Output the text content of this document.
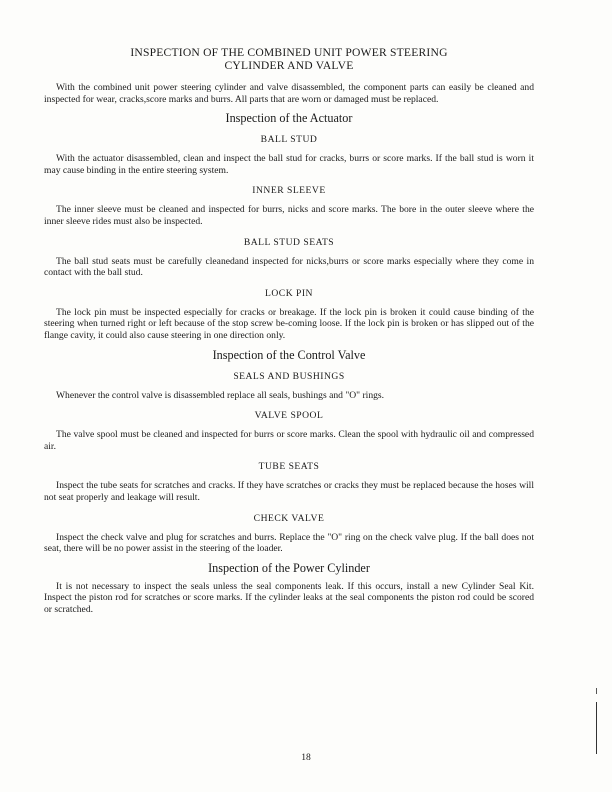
INSPECTION OF THE COMBINED UNIT POWER STEERING
CYLINDER AND VALVE

With the combined unit power steering cylinder and valve disassembled, the component parts can easily be cleaned and inspected for wear, cracks,score marks and burrs. All parts that are worn or damaged must be replaced.

Inspection of the Actuator
BALL STUD

With the actuator disassembled, clean and inspect the ball stud for cracks, burrs or score marks. If the ball stud is worn it may cause binding in the entire steering system.

INNER SLEEVE

The inner sleeve must be cleaned and inspected for burrs, nicks and score marks. The bore in the outer sleeve where the inner sleeve rides must also be inspected.

BALL STUD SEATS

The ball stud seats must be carefully cleanedand inspected for nicks,burrs or score marks especially where they come in contact with the ball stud.

LOCK PIN

The lock pin must be inspected especially for cracks or breakage. If the lock pin is broken it could cause binding of the steering when turned right or left because of the stop screw be-coming loose. If the lock pin is broken or has slipped out of the flange cavity, it could also cause steering in one direction only.

Inspection of the Control Valve
SEALS AND BUSHINGS

Whenever the control valve is disassembled replace all seals, bushings and "O" rings.

VALVE SPOOL

The valve spool must be cleaned and inspected for burrs or score marks. Clean the spool with hydraulic oil and compressed air.

TUBE SEATS

Inspect the tube seats for scratches and cracks. If they have scratches or cracks they must be replaced because the hoses will not seat properly and leakage will result.

CHECK VALVE

Inspect the check valve and plug for scratches and burrs. Replace the "O" ring on the check valve plug. If the ball does not seat, there will be no power assist in the steering of the loader.

Inspection of the Power Cylinder

It is not necessary to inspect the seals unless the seal components leak. If this occurs, install a new Cylinder Seal Kit. Inspect the piston rod for scratches or score marks. If the cylinder leaks at the seal components the piston rod could be scored or scratched.

18
